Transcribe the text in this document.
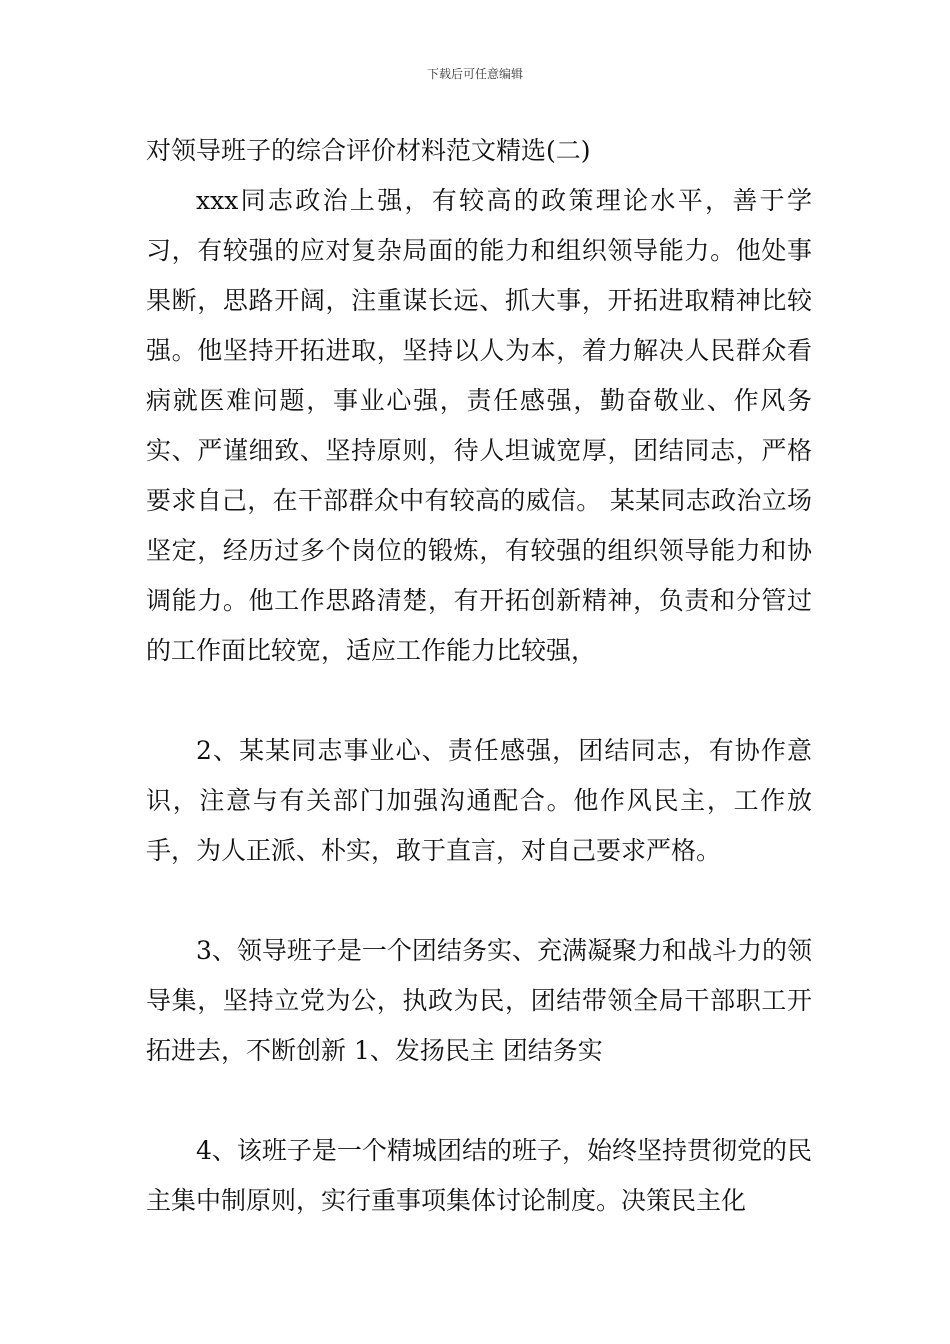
下载后可任意编辑
对领导班子的综合评价材料范文精选(二)

xxx同志政治上强，有较高的政策理论水平，善于学习，有较强的应对复杂局面的能力和组织领导能力。他处事果断，思路开阔，注重谋长远、抓大事，开拓进取精神比较强。他坚持开拓进取，坚持以人为本，着力解决人民群众看病就医难问题，事业心强，责任感强，勤奋敬业、作风务实、严谨细致、坚持原则，待人坦诚宽厚，团结同志，严格要求自己，在干部群众中有较高的威信。 某某同志政治立场坚定，经历过多个岗位的锻炼，有较强的组织领导能力和协调能力。他工作思路清楚，有开拓创新精神，负责和分管过的工作面比较宽，适应工作能力比较强，

2、某某同志事业心、责任感强，团结同志，有协作意识，注意与有关部门加强沟通配合。他作风民主，工作放手，为人正派、朴实，敢于直言，对自己要求严格。

3、领导班子是一个团结务实、充满凝聚力和战斗力的领导集，坚持立党为公，执政为民，团结带领全局干部职工开拓进去，不断创新 1、发扬民主 团结务实

4、该班子是一个精城团结的班子，始终坚持贯彻党的民主集中制原则，实行重事项集体讨论制度。决策民主化
